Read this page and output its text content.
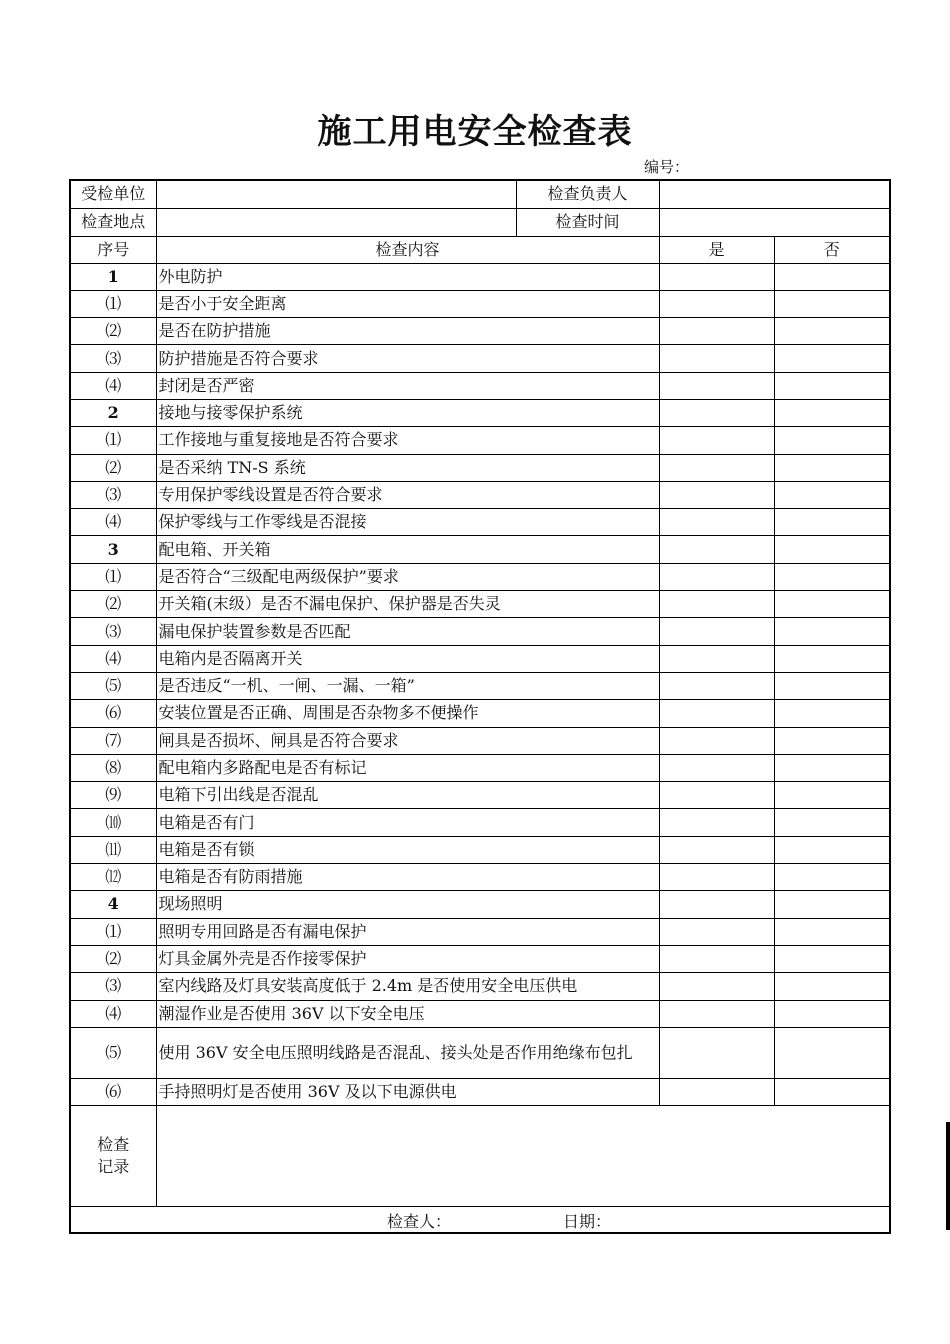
施工用电安全检查表
编号：
受检单位		检查负责人		
检查地点		检查时间		
序号	检查内容		是	否
1	外电防护			
⑴	是否小于安全距离			
⑵	是否在防护措施			
⑶	防护措施是否符合要求			
⑷	封闭是否严密			
2	接地与接零保护系统			
⑴	工作接地与重复接地是否符合要求			
⑵	是否采纳 TN-S 系统			
⑶	专用保护零线设置是否符合要求			
⑷	保护零线与工作零线是否混接			
3	配电箱、开关箱			
⑴	是否符合“三级配电两级保护”要求			
⑵	开关箱(末级）是否不漏电保护、保护器是否失灵			
⑶	漏电保护装置参数是否匹配			
⑷	电箱内是否隔离开关			
⑸	是否违反“一机、一闸、一漏、一箱”			
⑹	安装位置是否正确、周围是否杂物多不便操作			
⑺	闸具是否损坏、闸具是否符合要求			
⑻	配电箱内多路配电是否有标记			
⑼	电箱下引出线是否混乱			
⑽	电箱是否有门			
⑾	电箱是否有锁			
⑿	电箱是否有防雨措施			
4	现场照明			
⑴	照明专用回路是否有漏电保护			
⑵	灯具金属外壳是否作接零保护			
⑶	室内线路及灯具安装高度低于 2.4m 是否使用安全电压供电			
⑷	潮湿作业是否使用 36V 以下安全电压			
⑸	使用 36V 安全电压照明线路是否混乱、接头处是否作用绝缘布包扎			
⑹	手持照明灯是否使用 36V 及以下电源供电			

检查
记录				

检查人： 日期：				
